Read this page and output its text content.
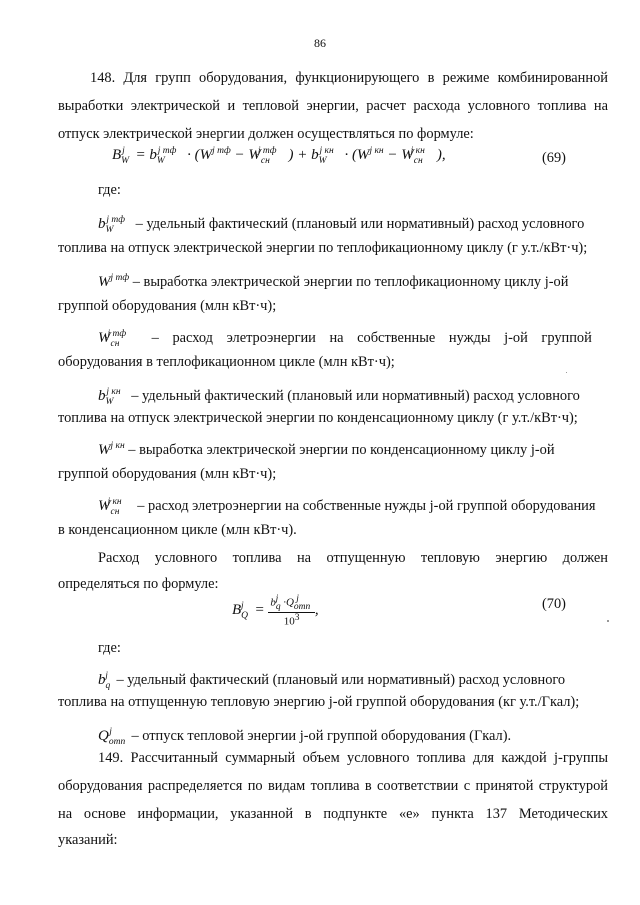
86
148. Для групп оборудования, функционирующего в режиме комбинированной
выработки электрической и тепловой энергии, расчет расхода условного топлива на
отпуск электрической энергии должен осуществляться по формуле:
$B_W^j = b_W^{j тф} \cdot (W^{j тф} - W_{сн}^{j тф}$ ) + $b_W^{j кн} \cdot (W^{j кн} - W_{сн}^{j кн}$ ),	(69)
где:
$b_W^{j тф}$ – удельный фактический (плановый или нормативный) расход условного
топлива на отпуск электрической энергии по теплофикационному циклу (г у.т./кВт·ч);
$W^{j тф}$ – выработка электрической энергии по теплофикационному циклу j-ой
группой оборудования (млн кВт·ч);
$W_{сн}^{j тф}$ – расход элетроэнергии на собственные нужды j-ой группой
оборудования в теплофикационном цикле (млн кВт·ч);
$b_W^{j кн}$ – удельный фактический (плановый или нормативный) расход условного
топлива на отпуск электрической энергии по конденсационному циклу (г у.т./кВт·ч);
$W^{j кн}$ – выработка электрической энергии по конденсационному циклу j-ой
группой оборудования (млн кВт·ч);
$W_{сн}^{j кн}$ – расход элетроэнергии на собственные нужды j-ой группой оборудования
в конденсационном цикле (млн кВт·ч).
Расход условного топлива на отпущенную тепловую энергию должен
определяться по формуле:
$B_Q^j = \frac{b_q^j \cdot Q_{отп}^j}{10^3}$ ,	(70)
где:
$b_q^j$ – удельный фактический (плановый или нормативный) расход условного
топлива на отпущенную тепловую энергию j-ой группой оборудования (кг у.т./Гкал);
$Q_{отп}^j$ – отпуск тепловой энергии j-ой группой оборудования (Гкал).
149. Рассчитанный суммарный объем условного топлива для каждой j-группы
оборудования распределяется по видам топлива в соответствии с принятой структурой
на основе информации, указанной в подпункте «е» пункта 137 Методических
указаний:
